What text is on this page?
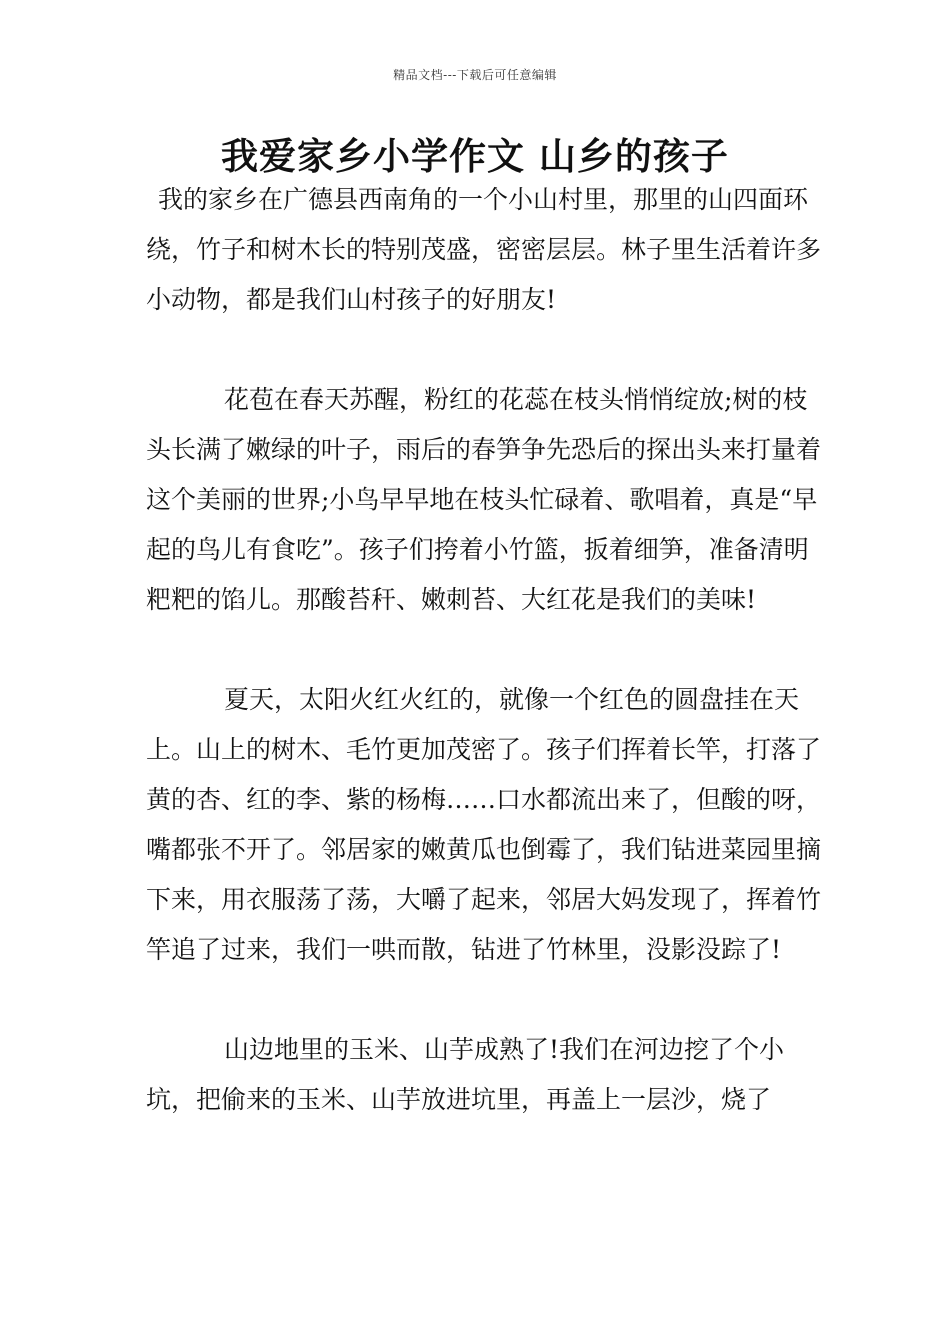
精品文档---下载后可任意编辑
我爱家乡小学作文 山乡的孩子

我的家乡在广德县西南角的一个小山村里，那里的山四面环绕，竹子和树木长的特别茂盛，密密层层。林子里生活着许多小动物，都是我们山村孩子的好朋友!

花苞在春天苏醒，粉红的花蕊在枝头悄悄绽放;树的枝头长满了嫩绿的叶子，雨后的春笋争先恐后的探出头来打量着这个美丽的世界;小鸟早早地在枝头忙碌着、歌唱着，真是“早起的鸟儿有食吃”。孩子们挎着小竹篮，扳着细笋，准备清明粑粑的馅儿。那酸苔秆、嫩刺苔、大红花是我们的美味!

夏天，太阳火红火红的，就像一个红色的圆盘挂在天上。山上的树木、毛竹更加茂密了。孩子们挥着长竿，打落了黄的杏、红的李、紫的杨梅……口水都流出来了，但酸的呀，嘴都张不开了。邻居家的嫩黄瓜也倒霉了，我们钻进菜园里摘下来，用衣服荡了荡，大嚼了起来，邻居大妈发现了，挥着竹竿追了过来，我们一哄而散，钻进了竹林里，没影没踪了!

山边地里的玉米、山芋成熟了!我们在河边挖了个小坑，把偷来的玉米、山芋放进坑里，再盖上一层沙，烧了
